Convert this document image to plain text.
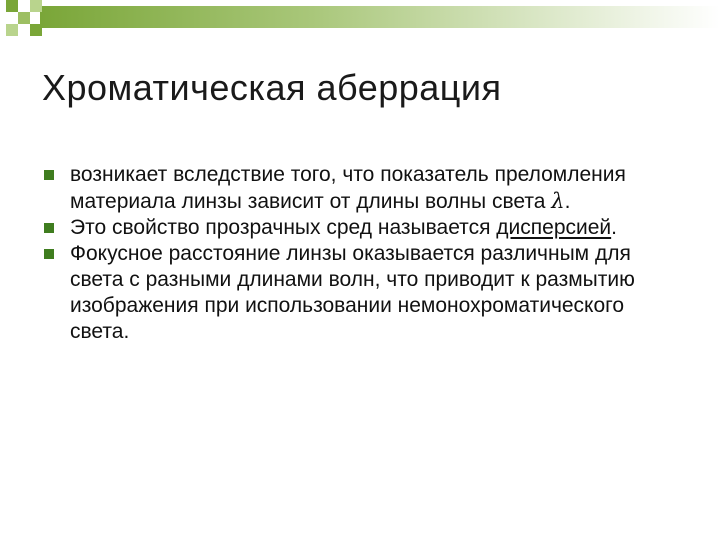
Хроматическая аберрация
возникает вследствие того, что показатель преломления материала линзы зависит от длины волны света λ.
Это свойство прозрачных сред называется дисперсией.
Фокусное расстояние линзы оказывается различным для света с разными длинами волн, что приводит к размытию изображения при использовании немонохроматического света.
